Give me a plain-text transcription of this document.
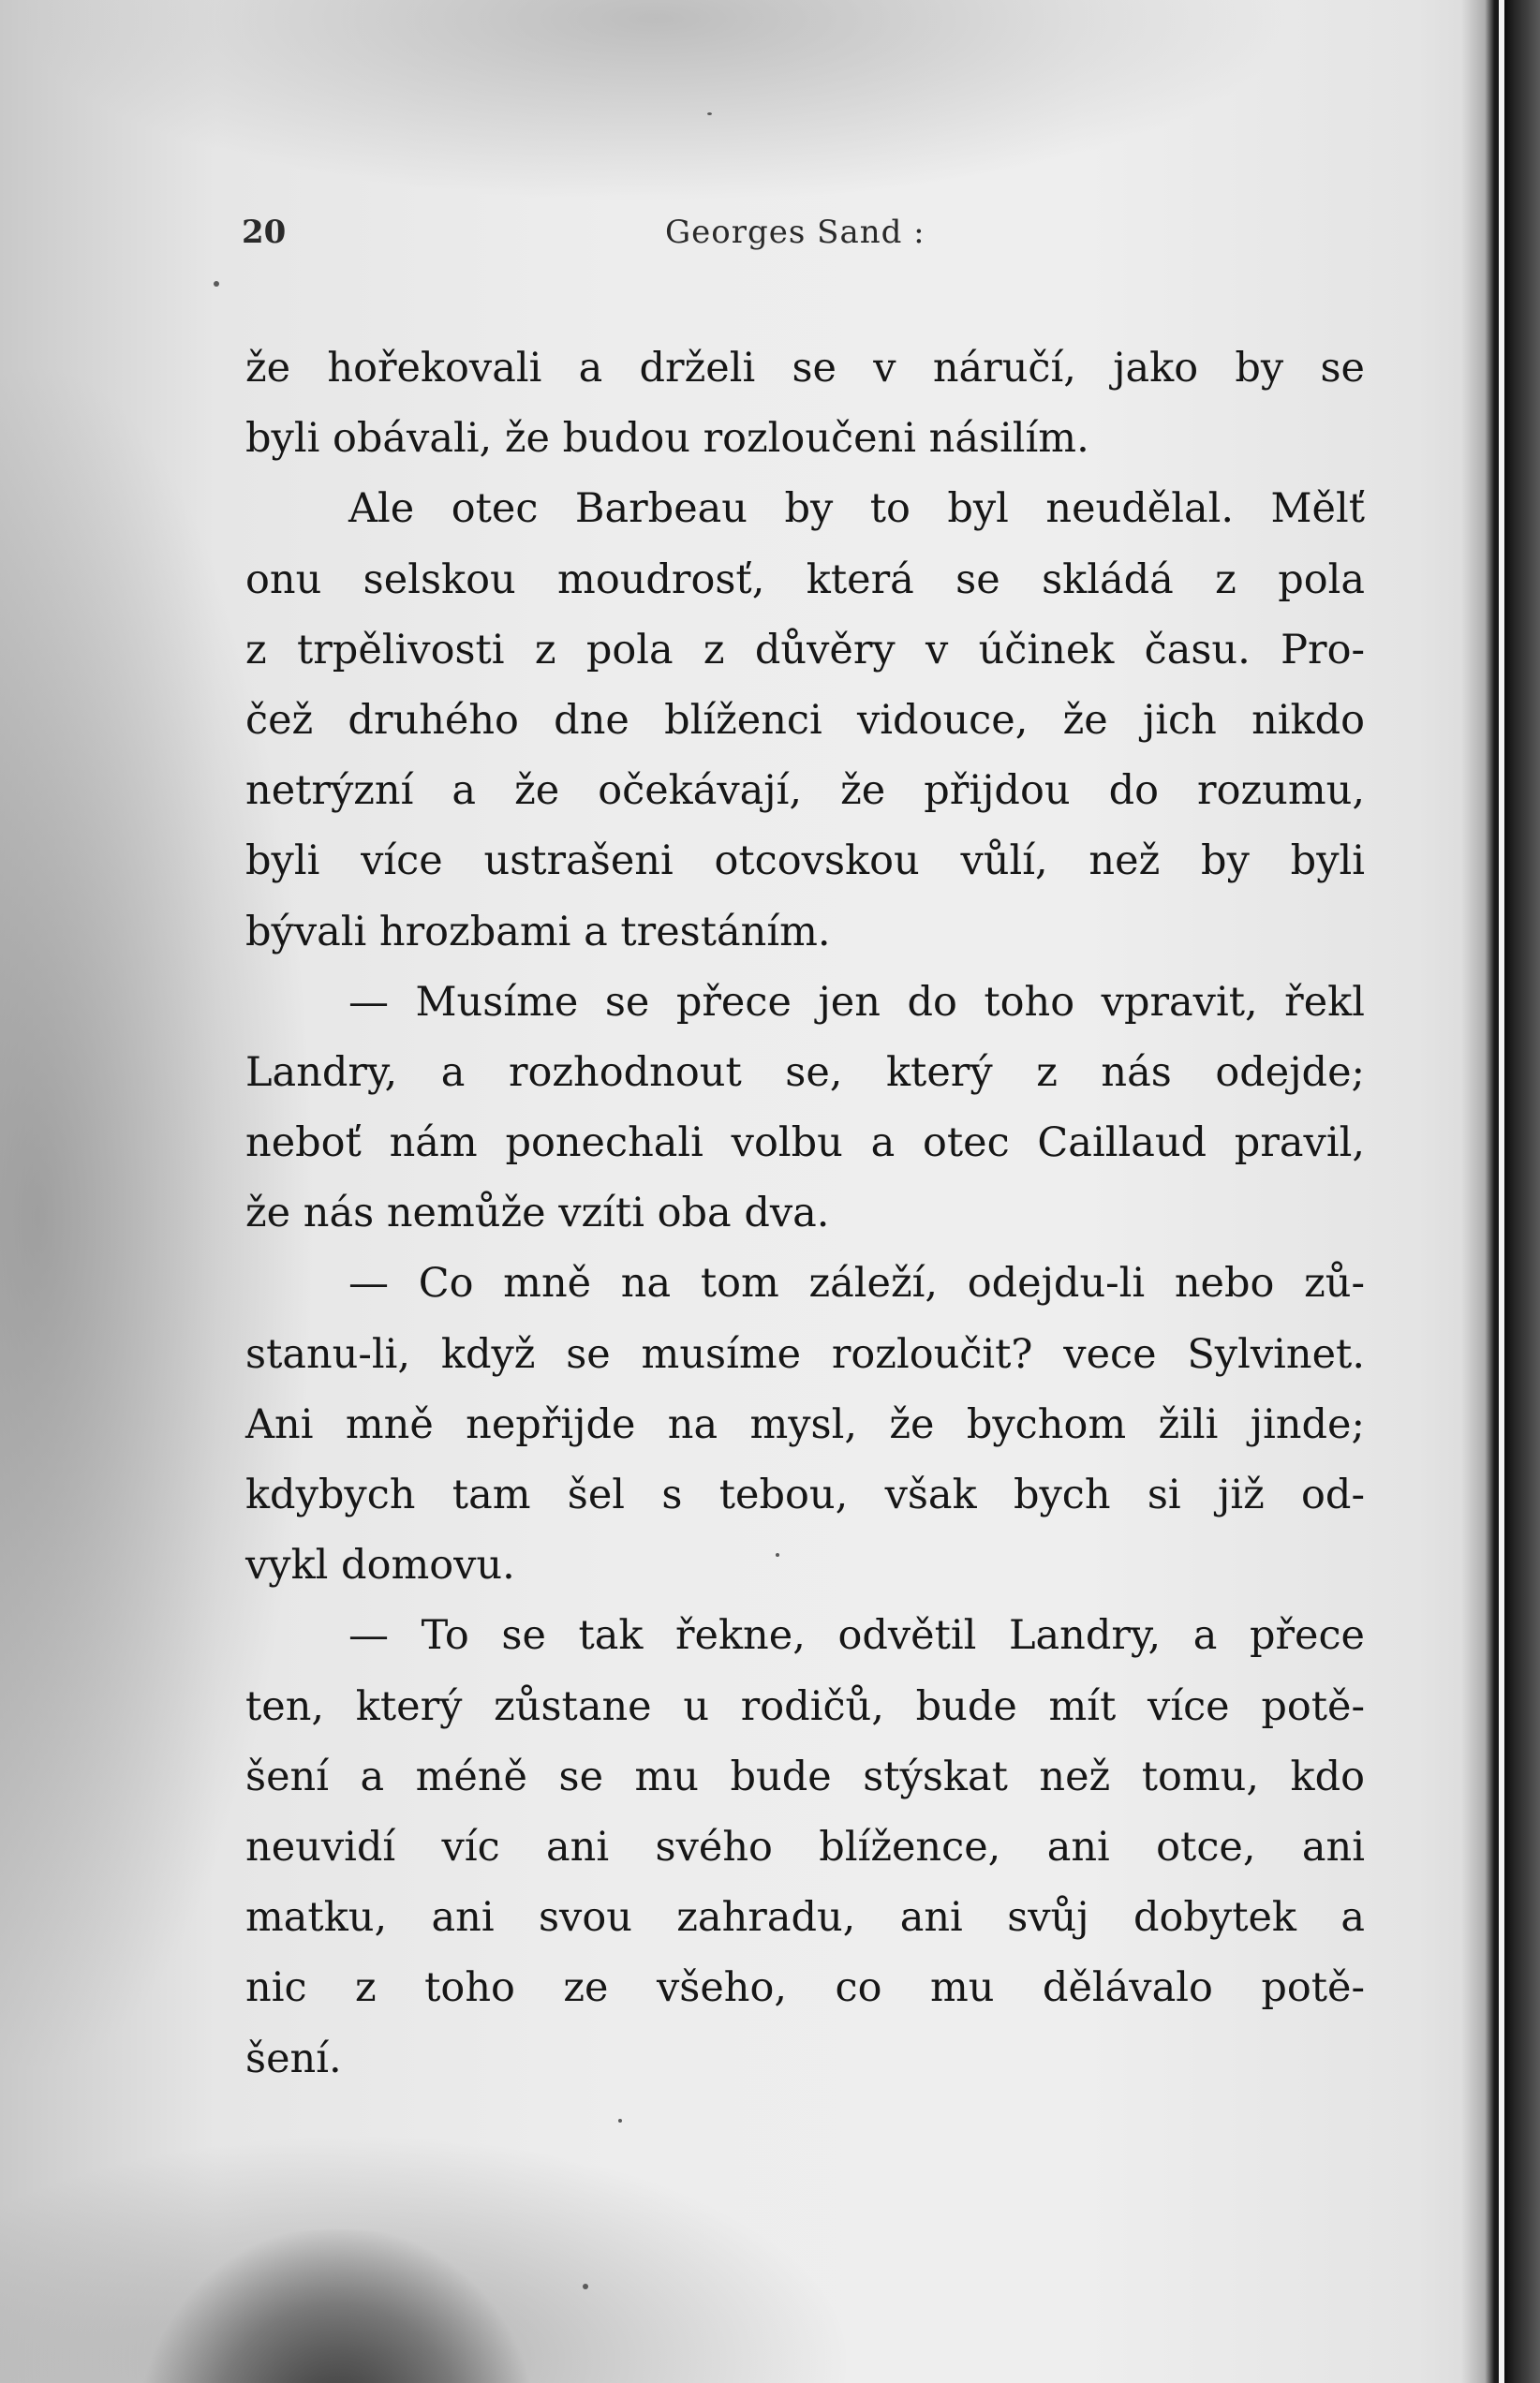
20	Georges Sand :
že hořekovali a drželi se v náručí, jako by se
byli obávali, že budou rozloučeni násilím.
Ale otec Barbeau by to byl neudělal. Mělť
onu selskou moudrosť, která se skládá z pola
z trpělivosti z pola z důvěry v účinek času. Pro-
čež druhého dne blíženci vidouce, že jich nikdo
netrýzní a že očekávají, že přijdou do rozumu,
byli více ustrašeni otcovskou vůlí, než by byli
bývali hrozbami a trestáním.
— Musíme se přece jen do toho vpravit, řekl
Landry, a rozhodnout se, který z nás odejde;
neboť nám ponechali volbu a otec Caillaud pravil,
že nás nemůže vzíti oba dva.
— Co mně na tom záleží, odejdu-li nebo zů-
stanu-li, když se musíme rozloučit? vece Sylvinet.
Ani mně nepřijde na mysl, že bychom žili jinde;
kdybych tam šel s tebou, však bych si již od-
vykl domovu.
— To se tak řekne, odvětil Landry, a přece
ten, který zůstane u rodičů, bude mít více potě-
šení a méně se mu bude stýskat než tomu, kdo
neuvidí víc ani svého blížence, ani otce, ani
matku, ani svou zahradu, ani svůj dobytek a
nic z toho ze všeho, co mu dělávalo potě-
šení.
